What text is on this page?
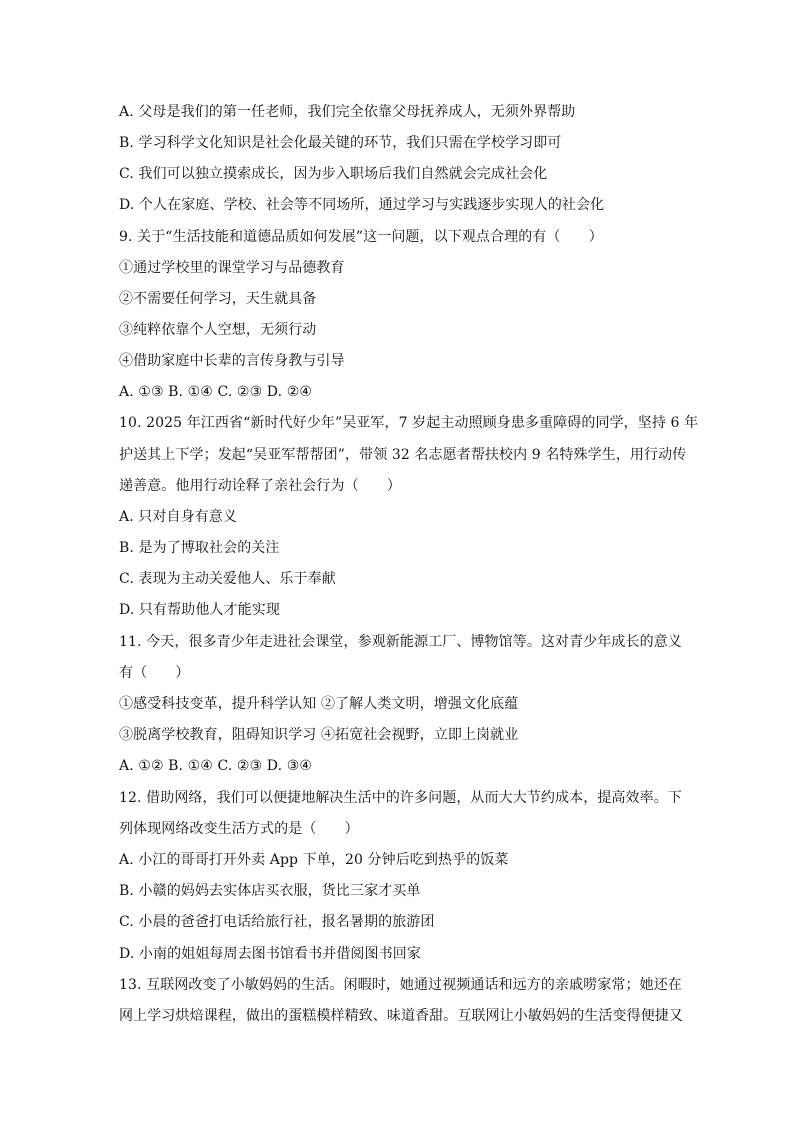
A. 父母是我们的第一任老师，我们完全依靠父母抚养成人，无须外界帮助
B. 学习科学文化知识是社会化最关键的环节，我们只需在学校学习即可
C. 我们可以独立摸索成长，因为步入职场后我们自然就会完成社会化
D. 个人在家庭、学校、社会等不同场所，通过学习与实践逐步实现人的社会化
9. 关于“生活技能和道德品质如何发展”这一问题，以下观点合理的有（　　）
①通过学校里的课堂学习与品德教育
②不需要任何学习，天生就具备
③纯粹依靠个人空想，无须行动
④借助家庭中长辈的言传身教与引导
A. ①③ B. ①④ C. ②③ D. ②④
10. 2025 年江西省“新时代好少年”吴亚军，7 岁起主动照顾身患多重障碍的同学，坚持 6 年
护送其上下学；发起“吴亚军帮帮团”，带领 32 名志愿者帮扶校内 9 名特殊学生，用行动传
递善意。他用行动诠释了亲社会行为（　　）
A. 只对自身有意义
B. 是为了博取社会的关注
C. 表现为主动关爱他人、乐于奉献
D. 只有帮助他人才能实现
11. 今天，很多青少年走进社会课堂，参观新能源工厂、博物馆等。这对青少年成长的意义
有（　　）
①感受科技变革，提升科学认知 ②了解人类文明，增强文化底蕴
③脱离学校教育，阻碍知识学习 ④拓宽社会视野，立即上岗就业
A. ①② B. ①④ C. ②③ D. ③④
12. 借助网络，我们可以便捷地解决生活中的许多问题，从而大大节约成本，提高效率。下
列体现网络改变生活方式的是（　　）
A. 小江的哥哥打开外卖 App 下单，20 分钟后吃到热乎的饭菜
B. 小赣的妈妈去实体店买衣服，货比三家才买单
C. 小晨的爸爸打电话给旅行社，报名暑期的旅游团
D. 小南的姐姐每周去图书馆看书并借阅图书回家
13. 互联网改变了小敏妈妈的生活。闲暇时，她通过视频通话和远方的亲戚唠家常；她还在
网上学习烘焙课程，做出的蛋糕模样精致、味道香甜。互联网让小敏妈妈的生活变得便捷又
